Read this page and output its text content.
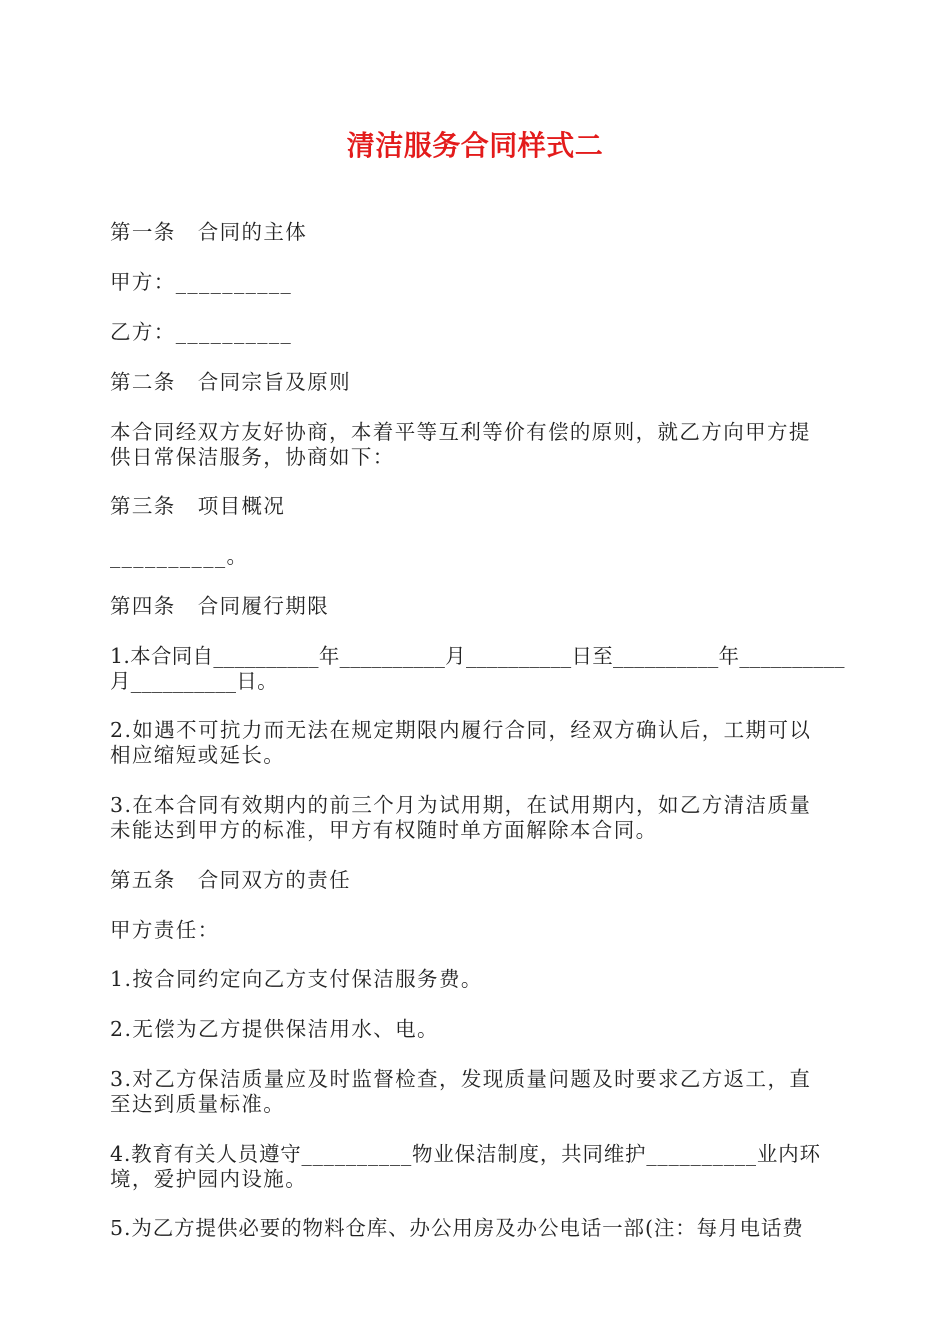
清洁服务合同样式二
第一条 合同的主体
甲方：__________
乙方：__________
第二条 合同宗旨及原则
本合同经双方友好协商，本着平等互利等价有偿的原则，就乙方向甲方提
供日常保洁服务，协商如下：
第三条 项目概况
__________。
第四条 合同履行期限
1.本合同自__________年__________月__________日至__________年__________
月__________日。
2.如遇不可抗力而无法在规定期限内履行合同，经双方确认后，工期可以
相应缩短或延长。
3.在本合同有效期内的前三个月为试用期，在试用期内，如乙方清洁质量
未能达到甲方的标准，甲方有权随时单方面解除本合同。
第五条 合同双方的责任
甲方责任：
1.按合同约定向乙方支付保洁服务费。
2.无偿为乙方提供保洁用水、电。
3.对乙方保洁质量应及时监督检查，发现质量问题及时要求乙方返工，直
至达到质量标准。
4.教育有关人员遵守__________物业保洁制度，共同维护__________业内环
境，爱护园内设施。
5.为乙方提供必要的物料仓库、办公用房及办公电话一部(注：每月电话费
